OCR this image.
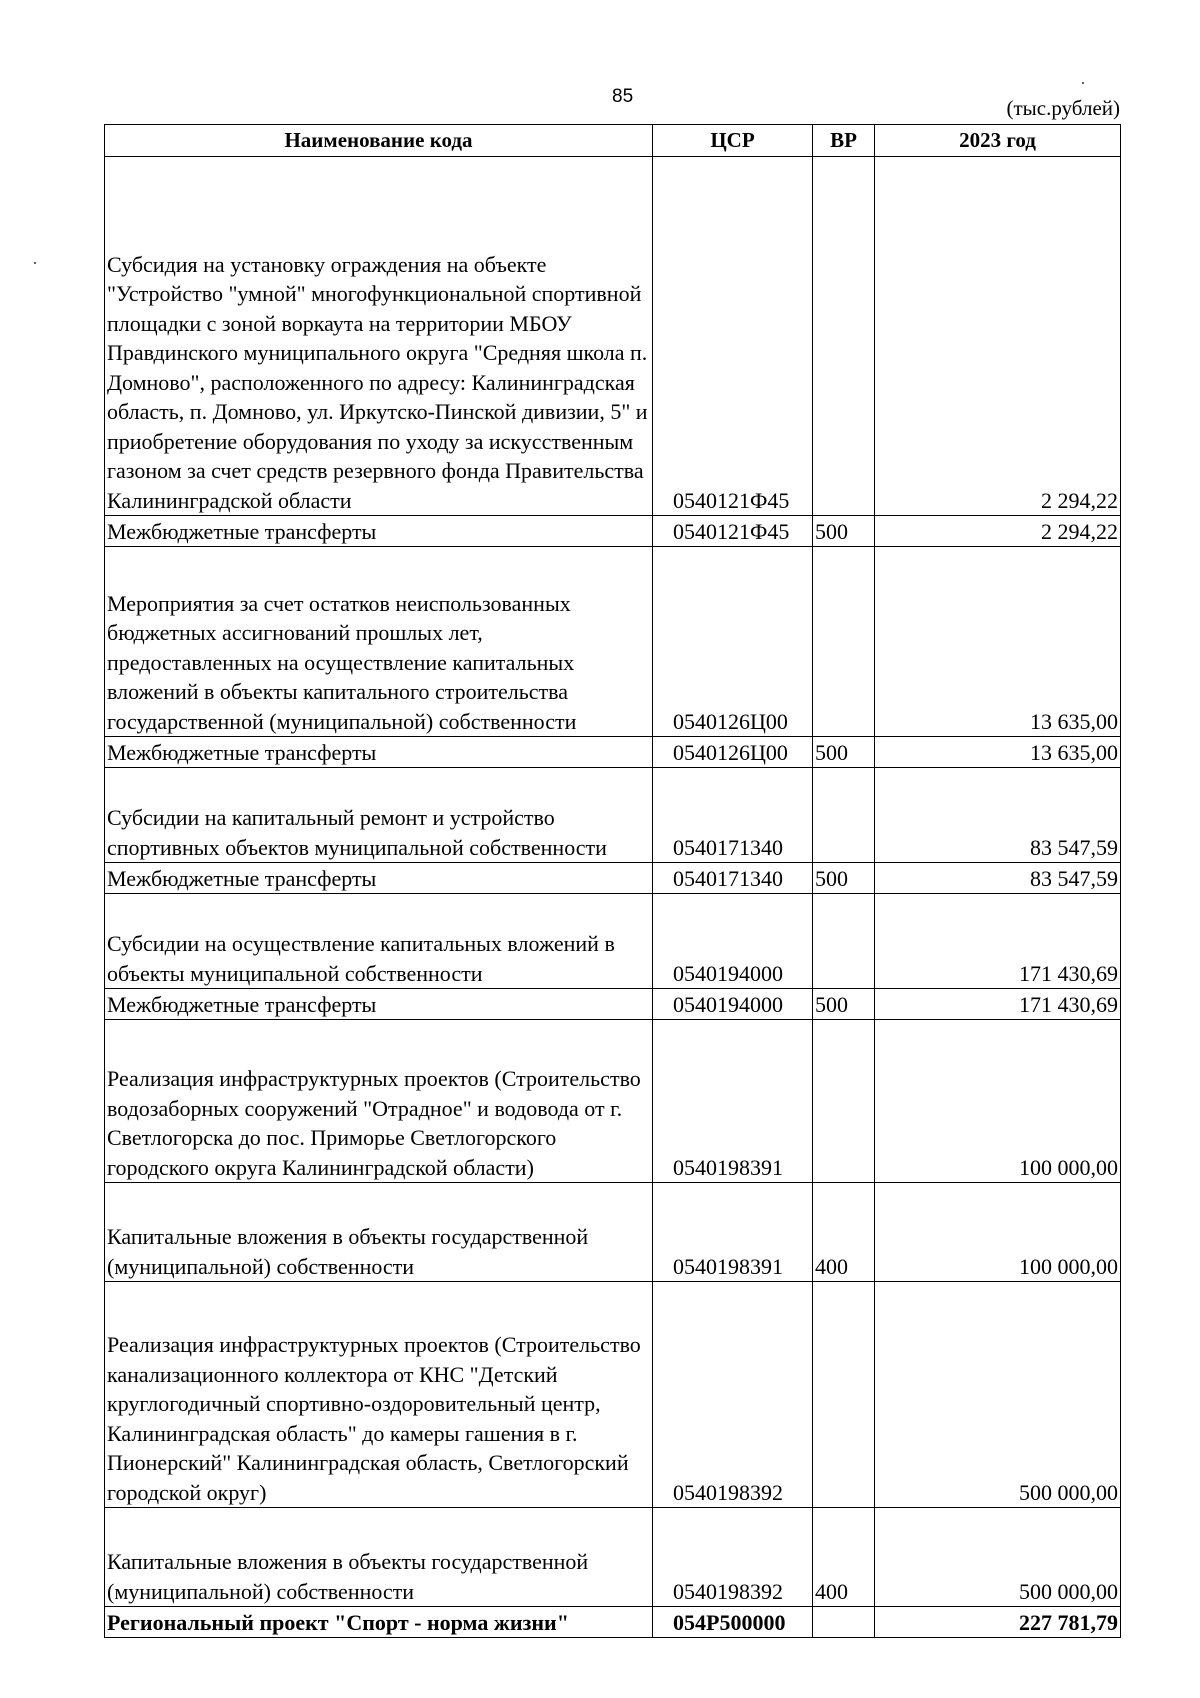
85	(тыс.рублей)
Наименование кода	ЦСР	ВР	2023 год
Субсидия на установку ограждения на объекте "Устройство "умной" многофункциональной спортивной площадки с зоной воркаута на территории МБОУ Правдинского муниципального округа "Средняя школа п. Домново", расположенного по адресу: Калининградская область, п. Домново, ул. Иркутско-Пинской дивизии, 5" и приобретение оборудования по уходу за искусственным газоном за счет средств резервного фонда Правительства Калининградской области	0540121Ф45		2 294,22
Межбюджетные трансферты	0540121Ф45	500	2 294,22
Мероприятия за счет остатков неиспользованных бюджетных ассигнований прошлых лет, предоставленных на осуществление капитальных вложений в объекты капитального строительства государственной (муниципальной) собственности	0540126Ц00		13 635,00
Межбюджетные трансферты	0540126Ц00	500	13 635,00
Субсидии на капитальный ремонт и устройство спортивных объектов муниципальной собственности	0540171340		83 547,59
Межбюджетные трансферты	0540171340	500	83 547,59
Субсидии на осуществление капитальных вложений в объекты муниципальной собственности	0540194000		171 430,69
Межбюджетные трансферты	0540194000	500	171 430,69
Реализация инфраструктурных проектов (Строительство водозаборных сооружений "Отрадное" и водовода от г. Светлогорска до пос. Приморье Светлогорского городского округа Калининградской области)	0540198391		100 000,00
Капитальные вложения в объекты государственной (муниципальной) собственности	0540198391	400	100 000,00
Реализация инфраструктурных проектов (Строительство канализационного коллектора от КНС "Детский круглогодичный спортивно-оздоровительный центр, Калининградская область" до камеры гашения в г. Пионерский" Калининградская область, Светлогорский городской округ)	0540198392		500 000,00
Капитальные вложения в объекты государственной (муниципальной) собственности	0540198392	400	500 000,00
Региональный проект "Спорт - норма жизни"	054P500000		227 781,79
